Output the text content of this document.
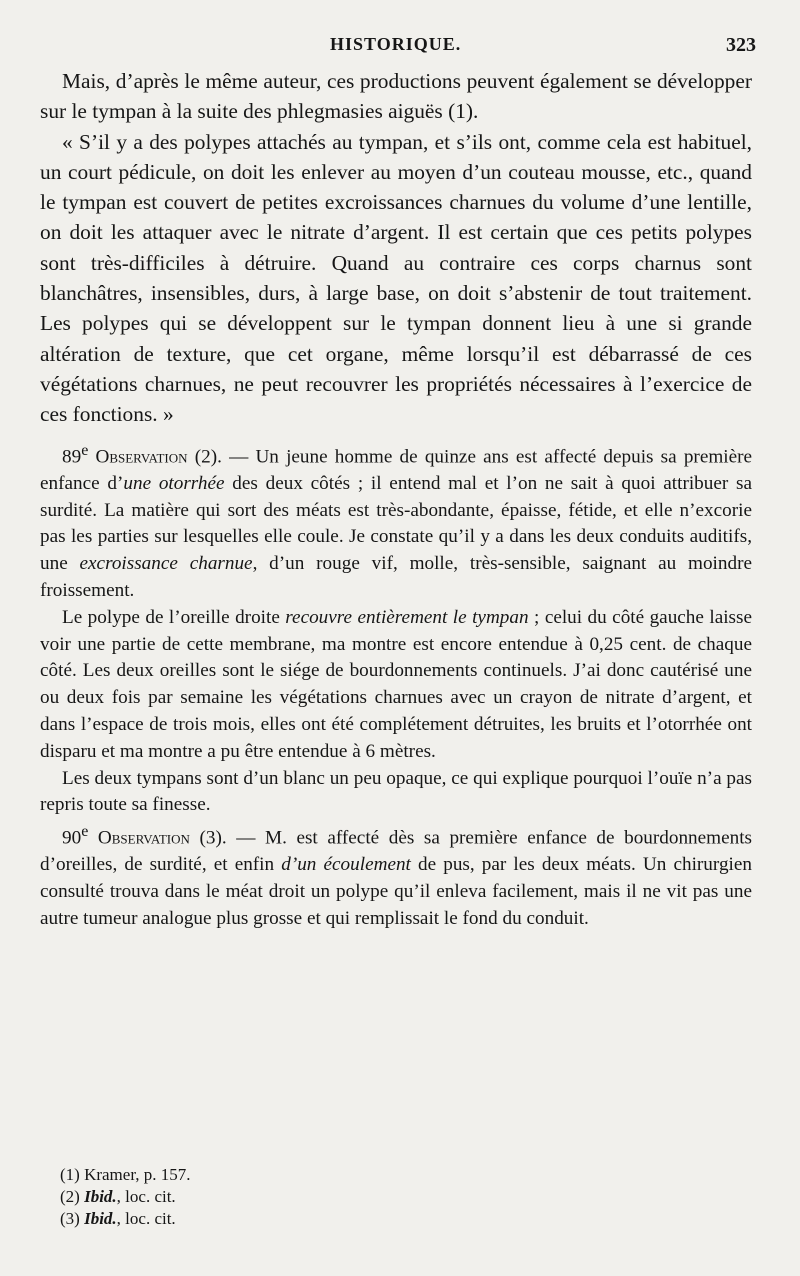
HISTORIQUE.	323

Mais, d’après le même auteur, ces productions peuvent également se développer sur le tympan à la suite des phlegmasies aiguës (1).

« S’il y a des polypes attachés au tympan, et s’ils ont, comme cela est habituel, un court pédicule, on doit les enlever au moyen d’un couteau mousse, etc., quand le tympan est couvert de petites excroissances charnues du volume d’une lentille, on doit les attaquer avec le nitrate d’argent. Il est certain que ces petits polypes sont très-difficiles à détruire. Quand au contraire ces corps charnus sont blanchâtres, insensibles, durs, à large base, on doit s’abstenir de tout traitement. Les polypes qui se développent sur le tympan donnent lieu à une si grande altération de texture, que cet organe, même lorsqu’il est débarrassé de ces végétations charnues, ne peut recouvrer les propriétés nécessaires à l’exercice de ces fonctions. »

89e Observation (2). — Un jeune homme de quinze ans est affecté depuis sa première enfance d’une otorrhée des deux côtés ; il entend mal et l’on ne sait à quoi attribuer sa surdité. La matière qui sort des méats est très-abondante, épaisse, fétide, et elle n’excorie pas les parties sur lesquelles elle coule. Je constate qu’il y a dans les deux conduits auditifs, une excroissance charnue, d’un rouge vif, molle, très-sensible, saignant au moindre froissement.

Le polype de l’oreille droite recouvre entièrement le tympan ; celui du côté gauche laisse voir une partie de cette membrane, ma montre est encore entendue à 0,25 cent. de chaque côté. Les deux oreilles sont le siége de bourdonnements continuels. J’ai donc cautérisé une ou deux fois par semaine les végétations charnues avec un crayon de nitrate d’argent, et dans l’espace de trois mois, elles ont été complétement détruites, les bruits et l’otorrhée ont disparu et ma montre a pu être entendue à 6 mètres.

Les deux tympans sont d’un blanc un peu opaque, ce qui explique pourquoi l’ouïe n’a pas repris toute sa finesse.

90e Observation (3). — M. est affecté dès sa première enfance de bourdonnements d’oreilles, de surdité, et enfin d’un écoulement de pus, par les deux méats. Un chirurgien consulté trouva dans le méat droit un polype qu’il enleva facilement, mais il ne vit pas une autre tumeur analogue plus grosse et qui remplissait le fond du conduit.

(1) Kramer, p. 157.
(2) Ibid., loc. cit.
(3) Ibid., loc. cit.
